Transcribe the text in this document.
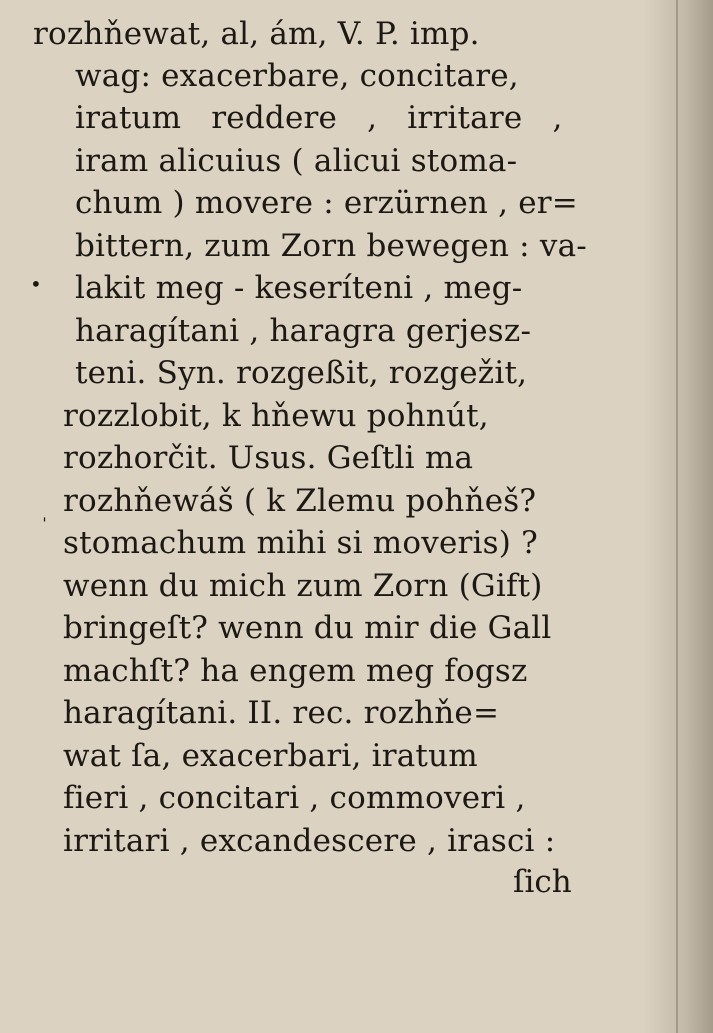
rozhňewat, al, ám, V. P. imp.
wag: exacerbare, concitare,
iratum reddere , irritare ,
iram alicuius ( alicui stoma-
chum ) movere : erzürnen , er=
bittern, zum Zorn bewegen : va-
lakit meg - keseríteni , meg-
haragítani , haragra gerjesz-
teni. Syn. rozgeßit, rozgežit,
rozzlobit, k hňewu pohnút,
rozhorčit. Usus. Geſtli ma
rozhňewáš ( k Zlemu pohňeš?
stomachum mihi si moveris) ?
wenn du mich zum Zorn (Gift)
bringeſt? wenn du mir die Gall
machſt? ha engem meg fogsz
haragítani. II. rec. rozhňe=
wat ſa, exacerbari, iratum
fieri , concitari , commoveri ,
irritari , excandescere , irasci :
•
ˈ
ſich
